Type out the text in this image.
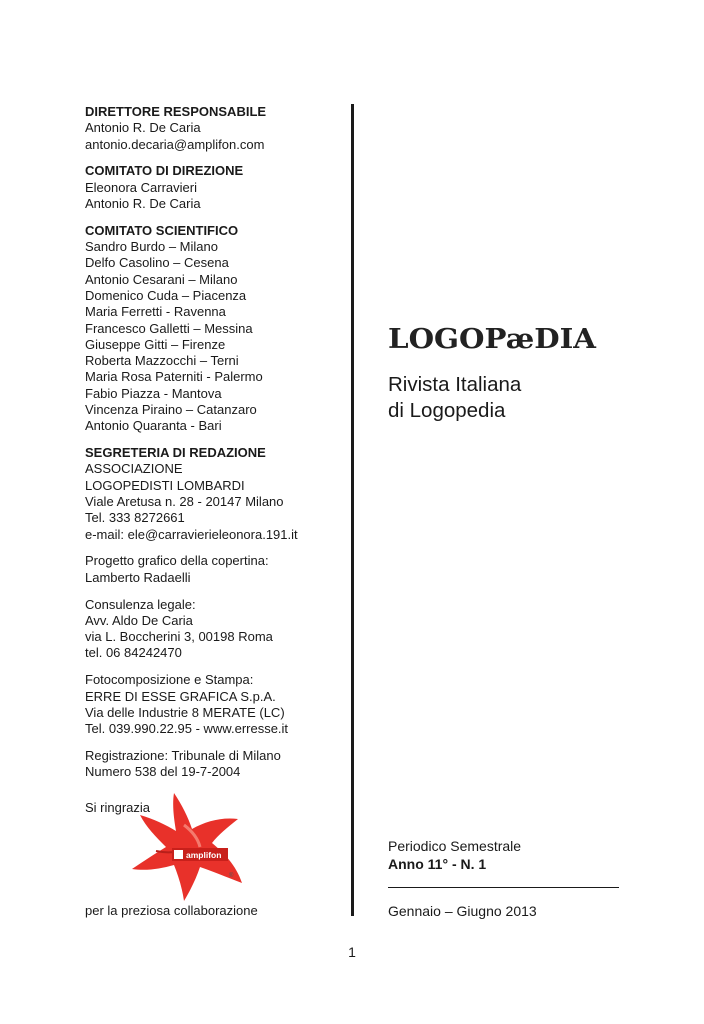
DIRETTORE RESPONSABILE
Antonio R. De Caria
antonio.decaria@amplifon.com
COMITATO DI DIREZIONE
Eleonora Carravieri
Antonio R. De Caria
COMITATO SCIENTIFICO
Sandro Burdo – Milano
Delfo Casolino – Cesena
Antonio Cesarani – Milano
Domenico Cuda – Piacenza
Maria Ferretti - Ravenna
Francesco Galletti – Messina
Giuseppe Gitti – Firenze
Roberta Mazzocchi – Terni
Maria Rosa Paterniti - Palermo
Fabio Piazza - Mantova
Vincenza Piraino – Catanzaro
Antonio Quaranta - Bari
SEGRETERIA DI REDAZIONE
ASSOCIAZIONE
LOGOPEDISTI LOMBARDI
Viale Aretusa n. 28 - 20147 Milano
Tel. 333 8272661
e-mail: ele@carravierieleonora.191.it
Progetto grafico della copertina:
Lamberto Radaelli
Consulenza legale:
Avv. Aldo De Caria
via L. Boccherini 3, 00198 Roma
tel. 06 84242470
Fotocomposizione e Stampa:
ERRE DI ESSE GRAFICA S.p.A.
Via delle Industrie 8 MERATE (LC)
Tel. 039.990.22.95 - www.erresse.it
Registrazione: Tribunale di Milano
Numero 538 del 19-7-2004
Si ringrazia
amplifon
®
per la preziosa collaborazione
LOGOPæDIA
Rivista Italiana
di Logopedia
Periodico Semestrale
Anno 11° - N. 1
Gennaio – Giugno 2013
1
